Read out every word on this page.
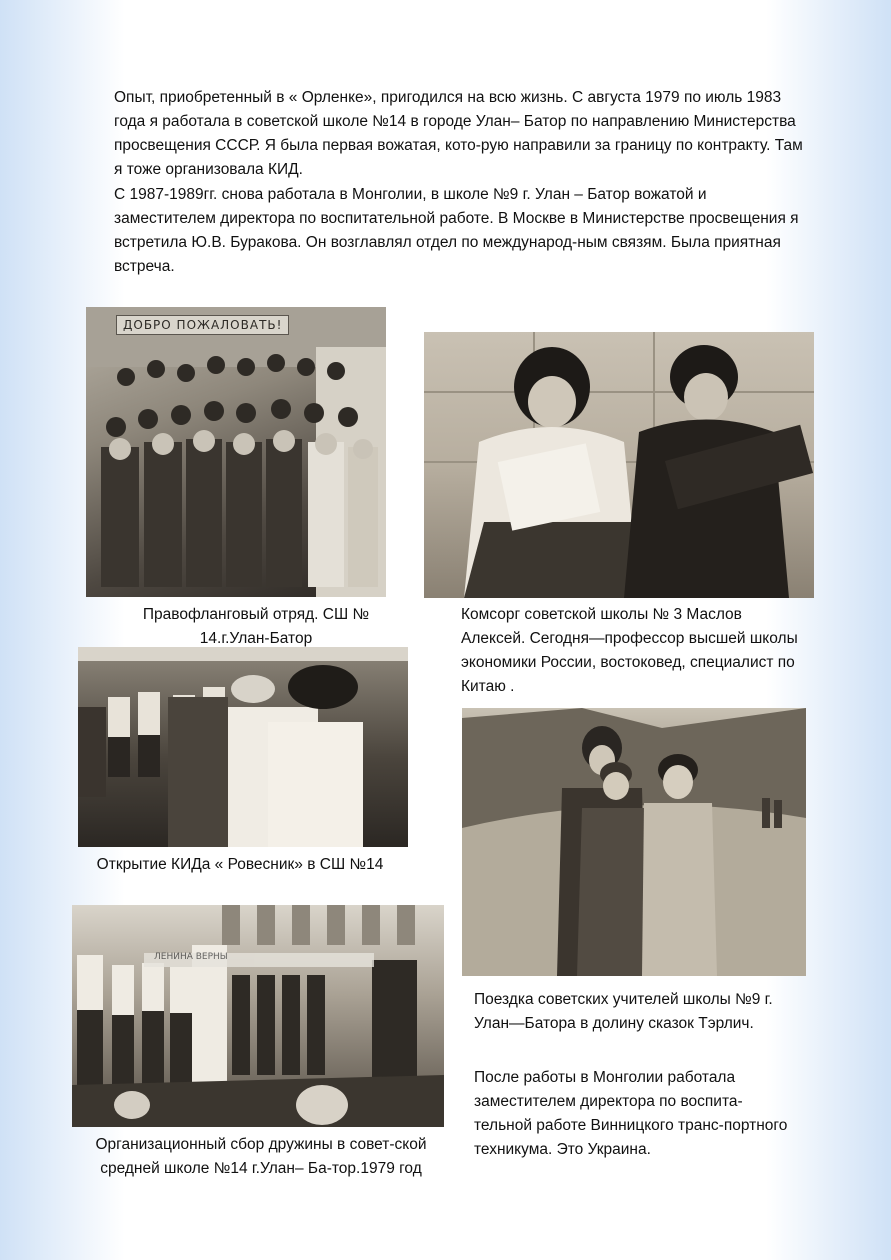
Опыт, приобретенный в « Орленке», пригодился на всю жизнь. С августа 1979 по июль 1983 года я работала в советской школе №14 в городе Улан– Батор по направлению Министерства просвещения СССР. Я была первая вожатая, кото-рую направили за границу по контракту. Там я тоже организовала КИД.

С 1987-1989гг. снова работала в Монголии, в школе №9 г. Улан – Батор вожатой и заместителем директора по воспитательной работе. В Москве в Министерстве просвещения я встретила Ю.В. Буракова. Он возглавлял отдел по международ-ным связям. Была приятная встреча.

ДОБРО ПОЖАЛОВАТЬ!
Правофланговый отряд. СШ № 14.г.Улан-Батор
Комсорг советской школы № 3 Маслов Алексей. Сегодня—профессор высшей школы экономики России, востоковед, специалист по Китаю .
Открытие КИДа « Ровесник» в СШ №14
Поездка советских учителей школы №9 г. Улан—Батора в долину сказок Тэрлич.
После работы в Монголии работала заместителем директора по воспита-тельной работе Винницкого транс-портного техникума. Это Украина.
ЛЕНИНА ВЕРНЫ
Организационный сбор дружины в совет-ской средней школе №14 г.Улан– Ба-тор.1979 год
